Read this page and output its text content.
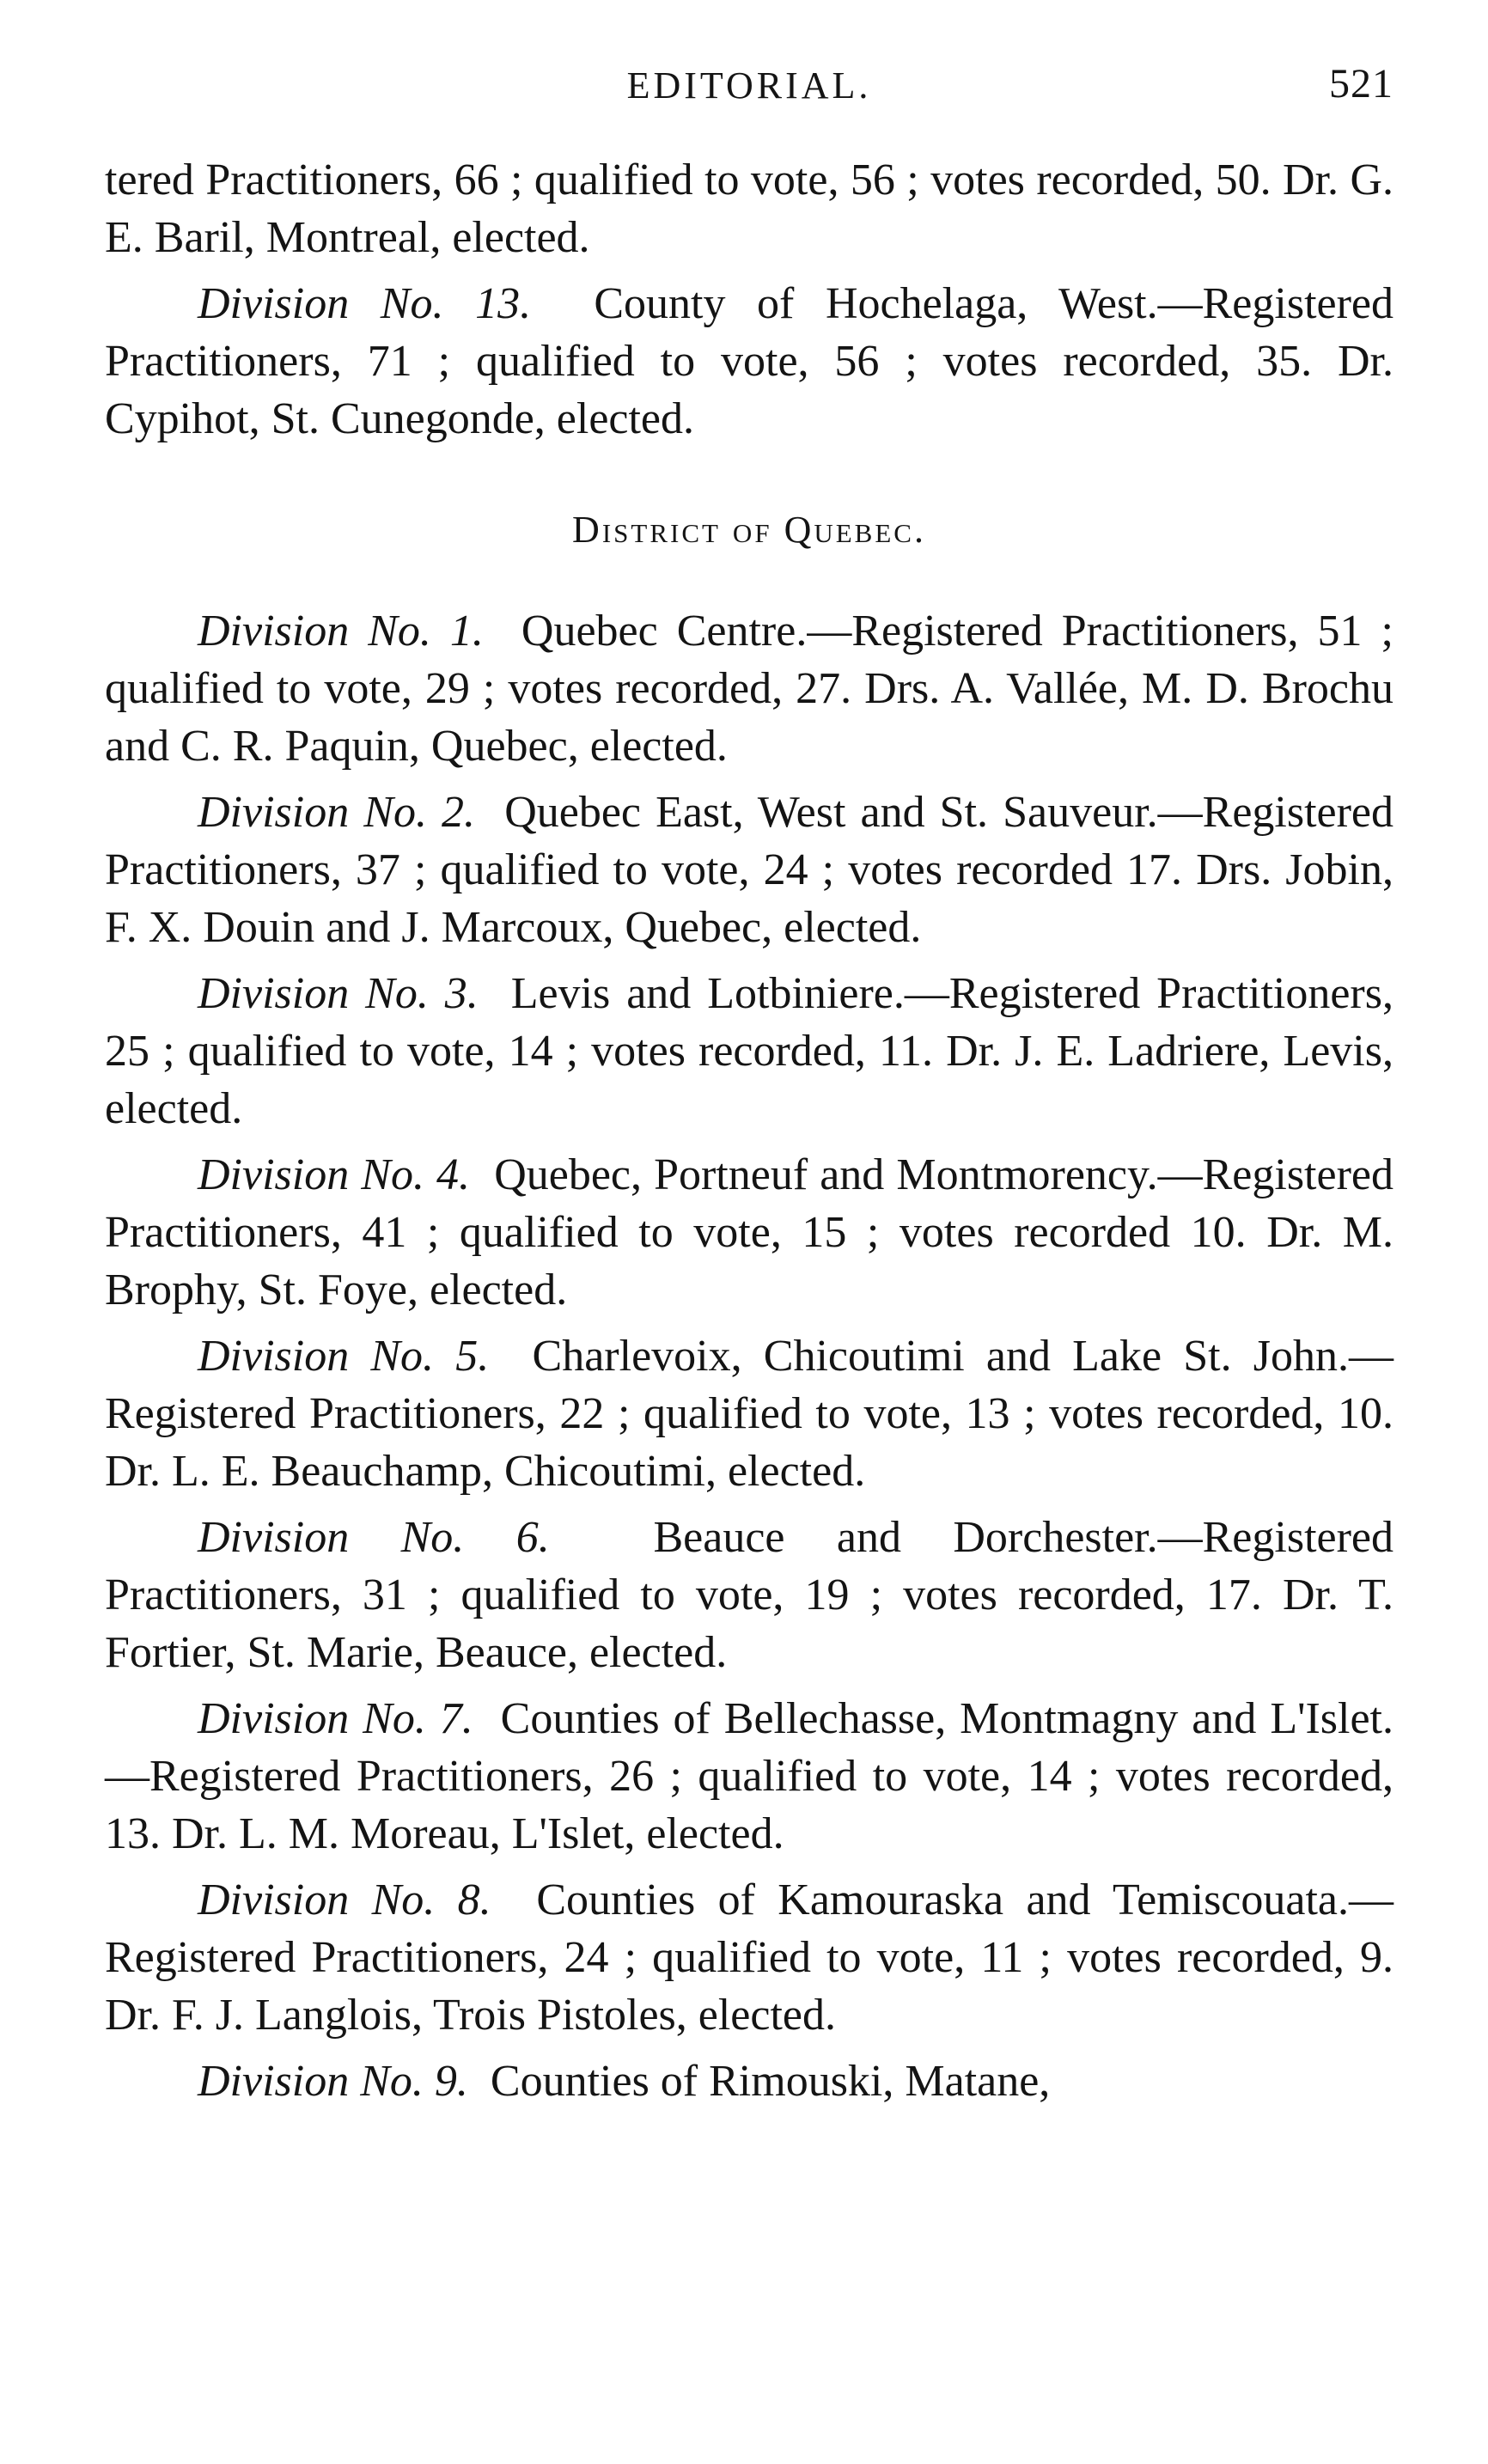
EDITORIAL.	521

tered Practitioners, 66 ; qualified to vote, 56 ; votes recorded, 50. Dr. G. E. Baril, Montreal, elected.

Division No. 13. County of Hochelaga, West.—Registered Practitioners, 71 ; qualified to vote, 56 ; votes recorded, 35. Dr. Cypihot, St. Cunegonde, elected.

District of Quebec.

Division No. 1. Quebec Centre.—Registered Practitioners, 51 ; qualified to vote, 29 ; votes recorded, 27. Drs. A. Vallée, M. D. Brochu and C. R. Paquin, Quebec, elected.

Division No. 2. Quebec East, West and St. Sauveur.—Registered Practitioners, 37 ; qualified to vote, 24 ; votes recorded 17. Drs. Jobin, F. X. Douin and J. Marcoux, Quebec, elected.

Division No. 3. Levis and Lotbiniere.—Registered Practitioners, 25 ; qualified to vote, 14 ; votes recorded, 11. Dr. J. E. Ladriere, Levis, elected.

Division No. 4. Quebec, Portneuf and Montmorency.—Registered Practitioners, 41 ; qualified to vote, 15 ; votes recorded 10. Dr. M. Brophy, St. Foye, elected.

Division No. 5. Charlevoix, Chicoutimi and Lake St. John.—Registered Practitioners, 22 ; qualified to vote, 13 ; votes recorded, 10. Dr. L. E. Beauchamp, Chicoutimi, elected.

Division No. 6. Beauce and Dorchester.—Registered Practitioners, 31 ; qualified to vote, 19 ; votes recorded, 17. Dr. T. Fortier, St. Marie, Beauce, elected.

Division No. 7. Counties of Bellechasse, Montmagny and L'Islet.—Registered Practitioners, 26 ; qualified to vote, 14 ; votes recorded, 13. Dr. L. M. Moreau, L'Islet, elected.

Division No. 8. Counties of Kamouraska and Temiscouata.—Registered Practitioners, 24 ; qualified to vote, 11 ; votes recorded, 9. Dr. F. J. Langlois, Trois Pistoles, elected.

Division No. 9. Counties of Rimouski, Matane,
